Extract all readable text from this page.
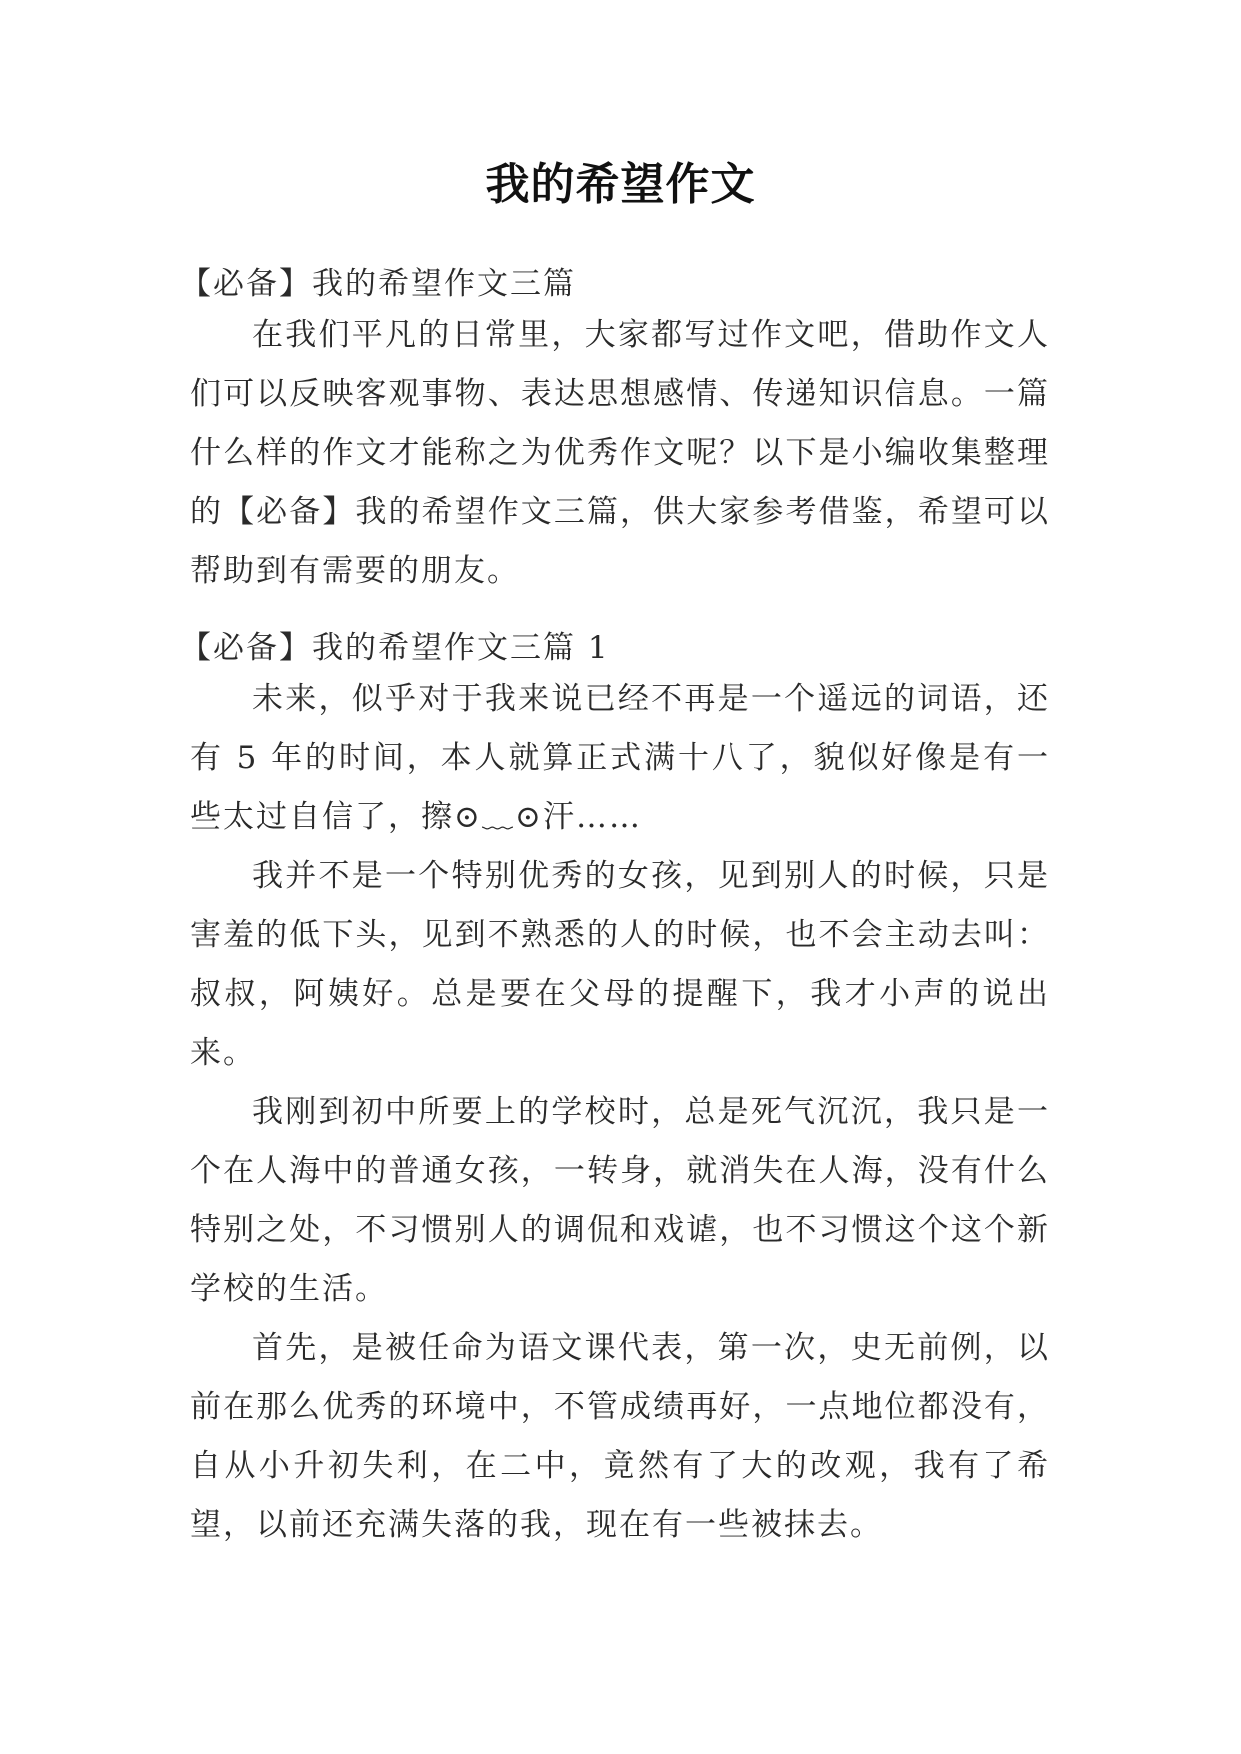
我的希望作文
【必备】我的希望作文三篇

在我们平凡的日常里，大家都写过作文吧，借助作文人们可以反映客观事物、表达思想感情、传递知识信息。一篇什么样的作文才能称之为优秀作文呢？以下是小编收集整理的【必备】我的希望作文三篇，供大家参考借鉴，希望可以帮助到有需要的朋友。

【必备】我的希望作文三篇 1

未来，似乎对于我来说已经不再是一个遥远的词语，还有 5 年的时间，本人就算正式满十八了，貌似好像是有一些太过自信了，擦⊙﹏⊙汗……

我并不是一个特别优秀的女孩，见到别人的时候，只是害羞的低下头，见到不熟悉的人的时候，也不会主动去叫：叔叔，阿姨好。总是要在父母的提醒下，我才小声的说出来。

我刚到初中所要上的学校时，总是死气沉沉，我只是一个在人海中的普通女孩，一转身，就消失在人海，没有什么特别之处，不习惯别人的调侃和戏谑，也不习惯这个这个新学校的生活。

首先，是被任命为语文课代表，第一次，史无前例，以前在那么优秀的环境中，不管成绩再好，一点地位都没有，自从小升初失利，在二中，竟然有了大的改观，我有了希望，以前还充满失落的我，现在有一些被抹去。
